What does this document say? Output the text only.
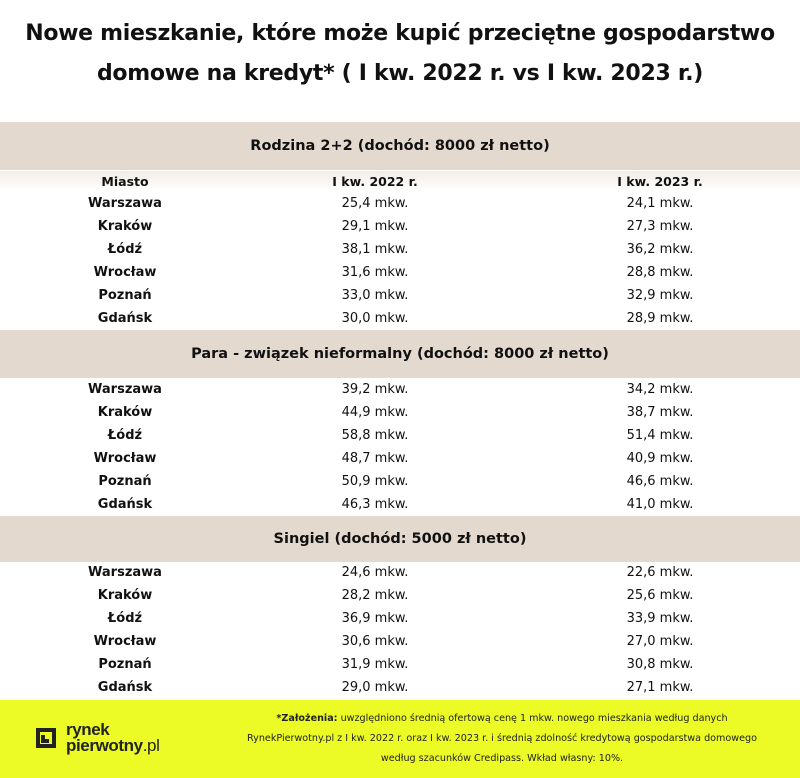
Nowe mieszkanie, które może kupić przeciętne gospodarstwo
domowe na kredyt* ( I kw. 2022 r. vs I kw. 2023 r.)
Rodzina 2+2 (dochód: 8000 zł netto)
Miasto	I kw. 2022 r.	I kw. 2023 r.
Warszawa	25,4 mkw.	24,1 mkw.
Kraków	29,1 mkw.	27,3 mkw.
Łódź	38,1 mkw.	36,2 mkw.
Wrocław	31,6 mkw.	28,8 mkw.
Poznań	33,0 mkw.	32,9 mkw.
Gdańsk	30,0 mkw.	28,9 mkw.
Para - związek nieformalny (dochód: 8000 zł netto)
Warszawa	39,2 mkw.	34,2 mkw.
Kraków	44,9 mkw.	38,7 mkw.
Łódź	58,8 mkw.	51,4 mkw.
Wrocław	48,7 mkw.	40,9 mkw.
Poznań	50,9 mkw.	46,6 mkw.
Gdańsk	46,3 mkw.	41,0 mkw.
Singiel (dochód: 5000 zł netto)
Warszawa	24,6 mkw.	22,6 mkw.
Kraków	28,2 mkw.	25,6 mkw.
Łódź	36,9 mkw.	33,9 mkw.
Wrocław	30,6 mkw.	27,0 mkw.
Poznań	31,9 mkw.	30,8 mkw.
Gdańsk	29,0 mkw.	27,1 mkw.
rynek
pierwotny.pl
*Założenia: uwzględniono średnią ofertową cenę 1 mkw. nowego mieszkania według danych RynekPierwotny.pl z I kw. 2022 r. oraz I kw. 2023 r. i średnią zdolność kredytową gospodarstwa domowego według szacunków Credipass. Wkład własny: 10%.
